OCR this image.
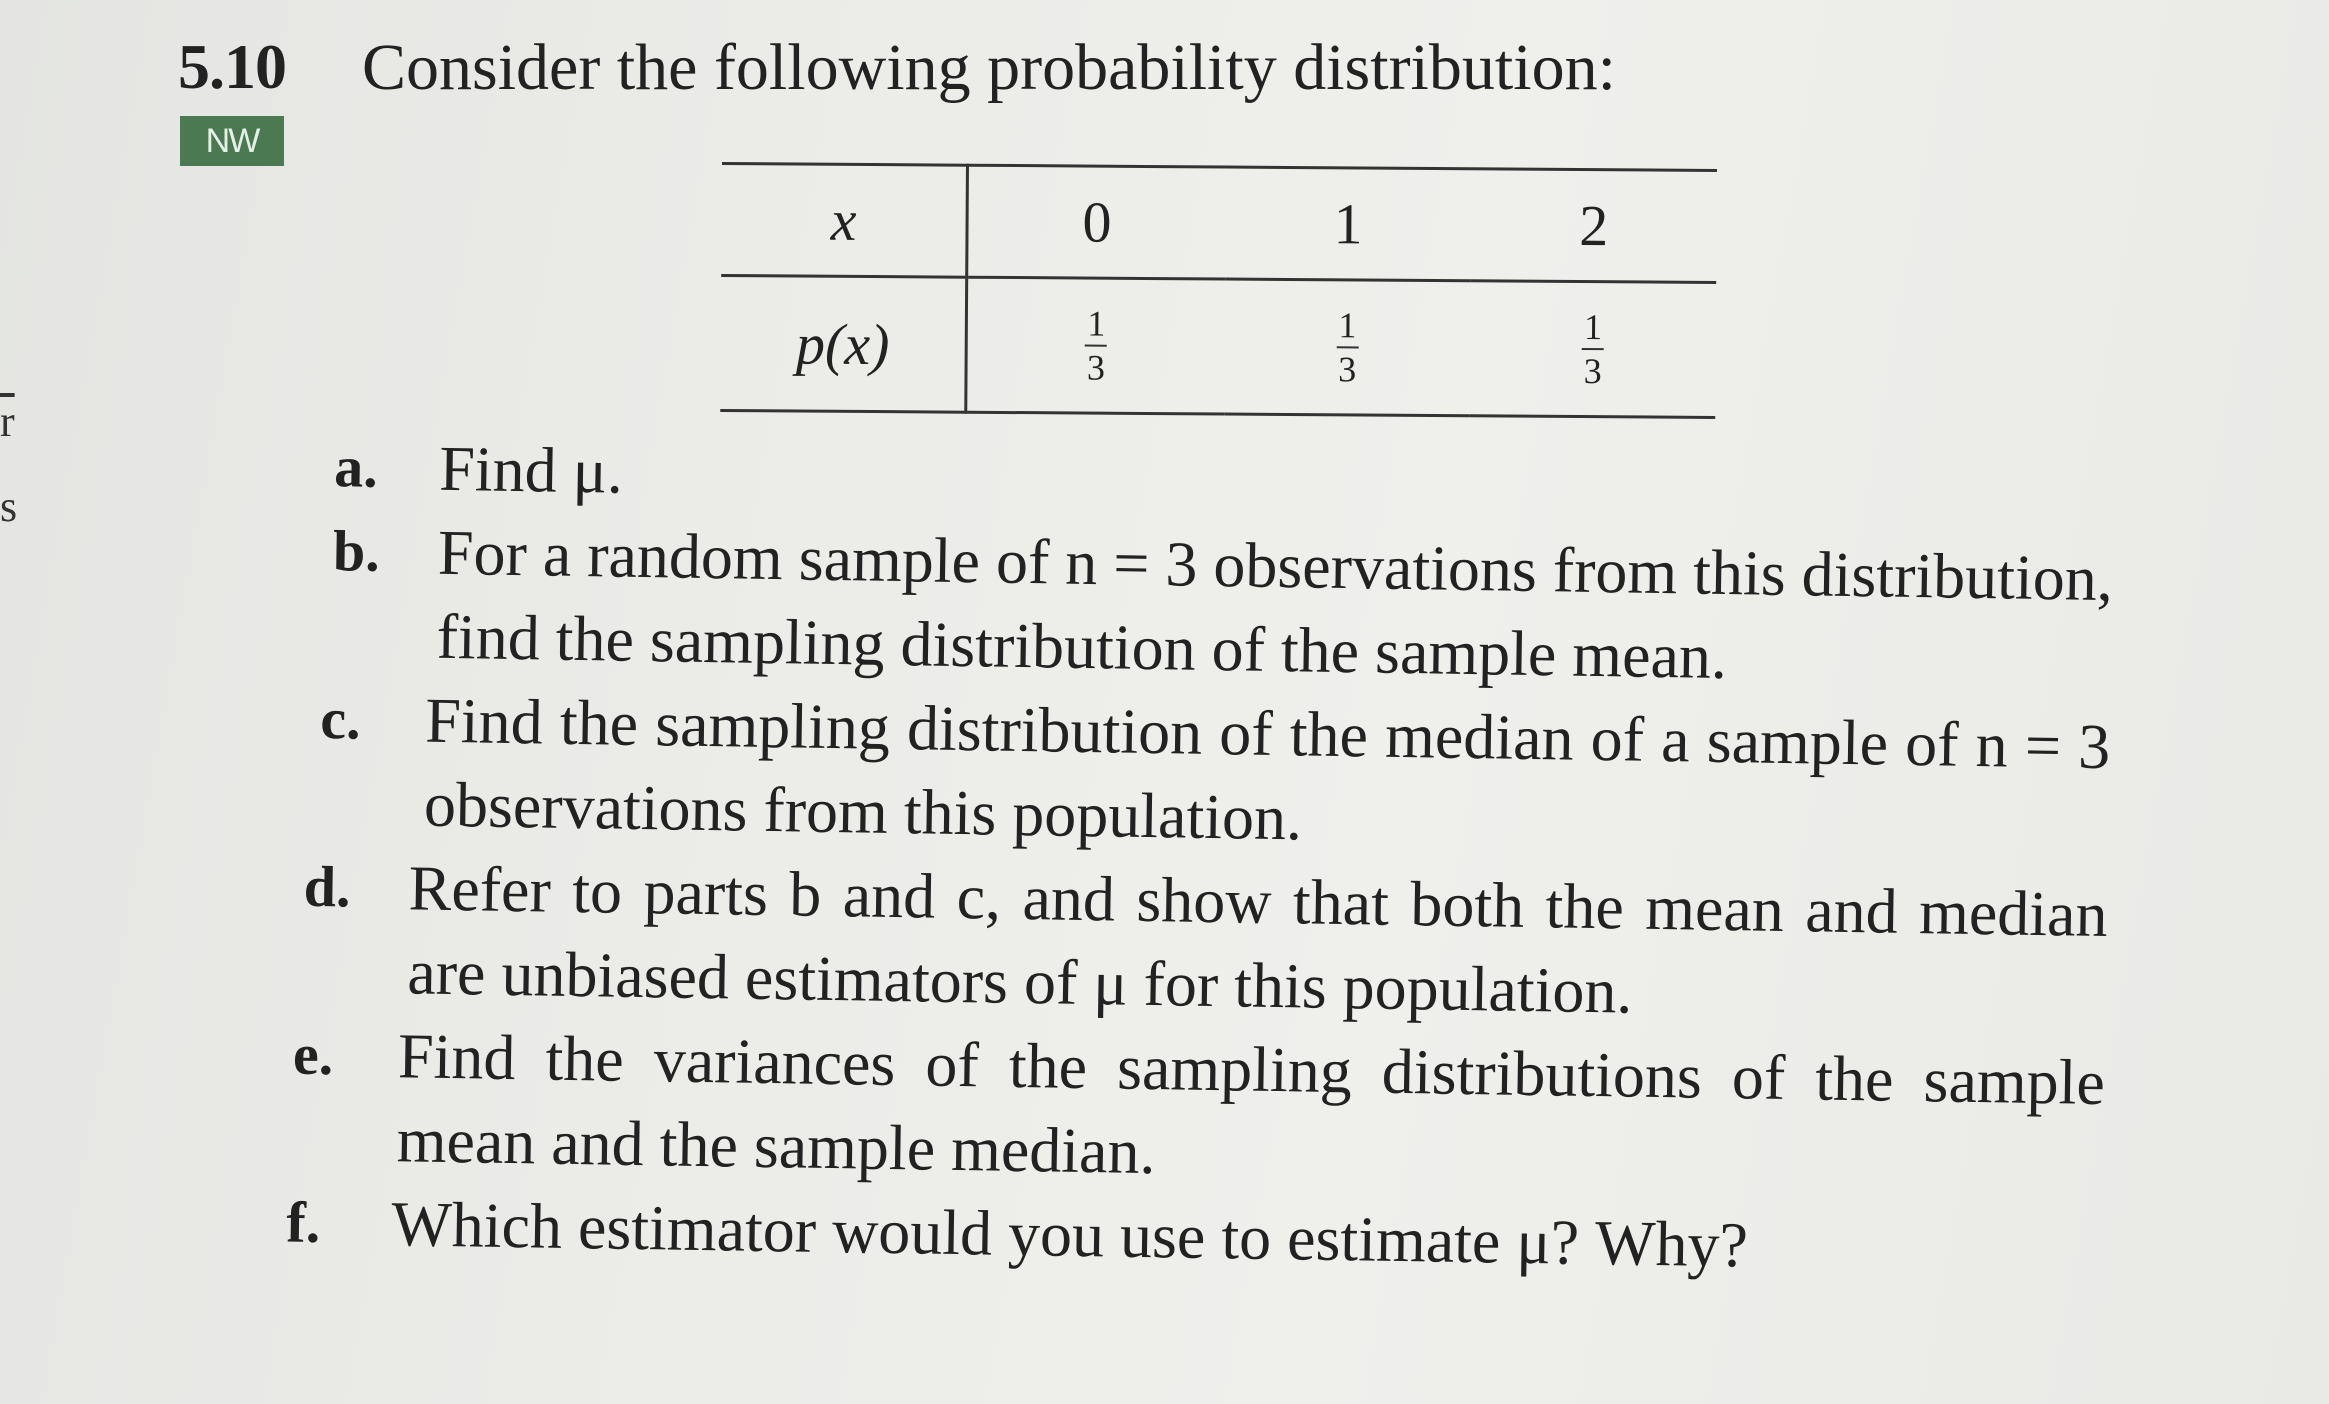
$\overline{r}$
s
5.10 Consider the following probability distribution:
NW
x	0	1	2
p(x)	$\frac{1}{3}$	$\frac{1}{3}$	$\frac{1}{3}$
a. Find μ.
b. For a random sample of n = 3 observations from this distribution, find the sampling distribution of the sample mean.
c. Find the sampling distribution of the median of a sample of n = 3 observations from this population.
d. Refer to parts b and c, and show that both the mean and median are unbiased estimators of μ for this population.
e. Find the variances of the sampling distributions of the sample mean and the sample median.
f. Which estimator would you use to estimate μ? Why?
